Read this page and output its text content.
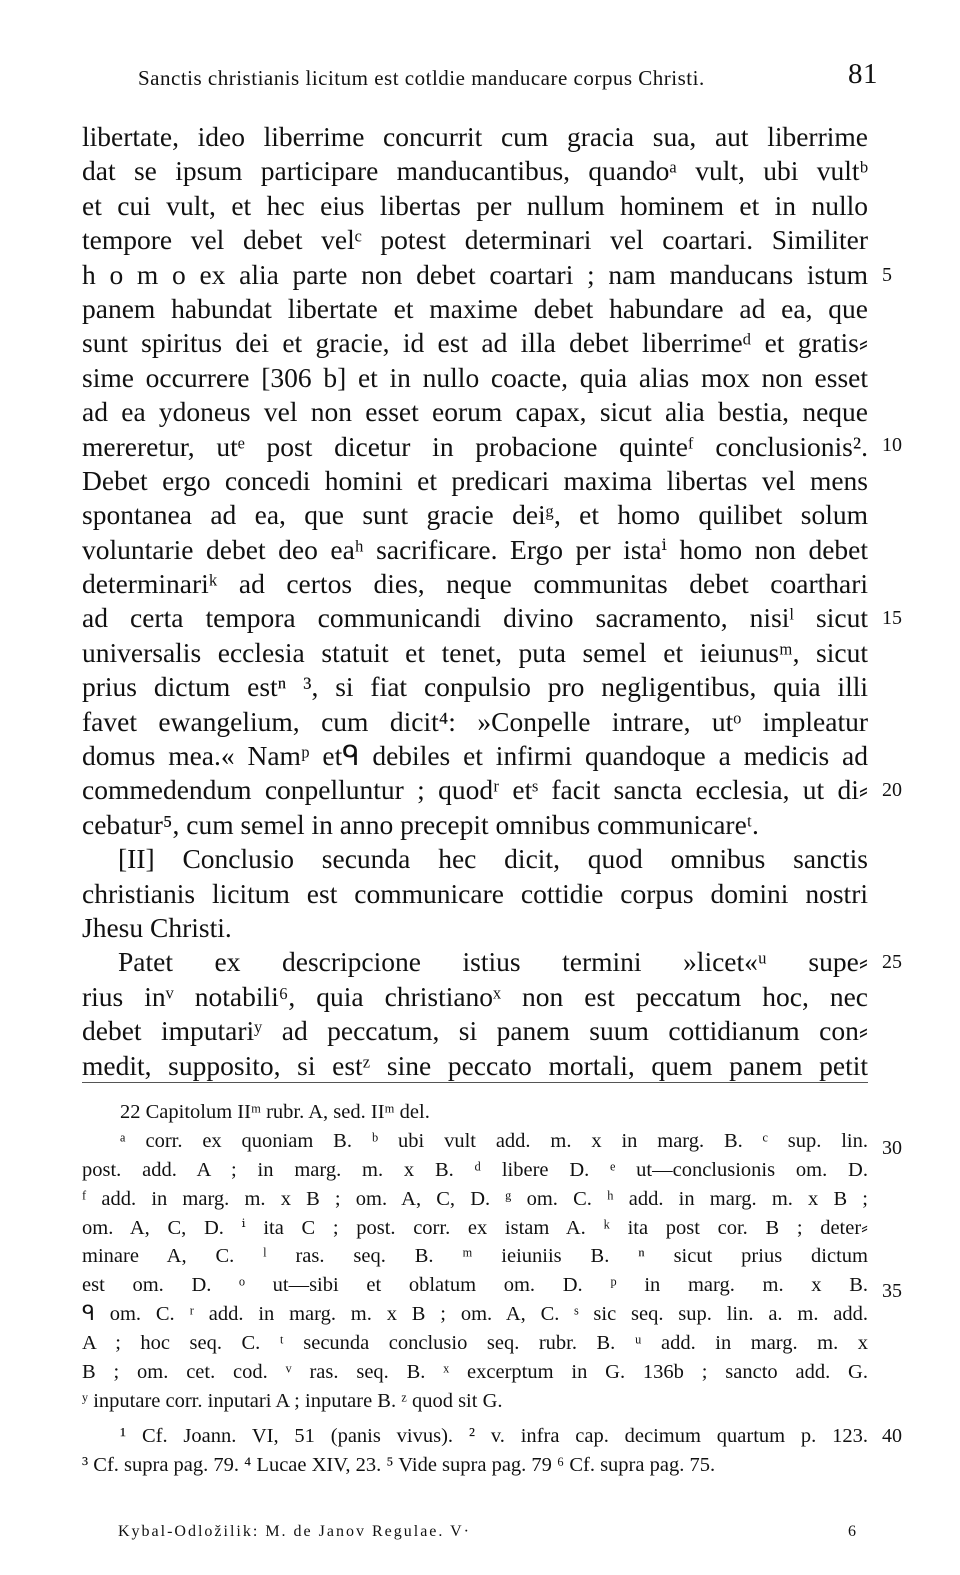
Sanctis christianis licitum est cotldie manducare corpus Christi.	81
libertate, ideo liberrime concurrit cum gracia sua, aut liberrime
dat se ipsum participare manducantibus, quandoᵃ vult, ubi vultᵇ
et cui vult, et hec eius libertas per nullum hominem et in nullo
tempore vel debet velᶜ potest determinari vel coartari. Similiter
h o m o ex alia parte non debet coartari ; nam manducans istum
panem habundat libertate et maxime debet habundare ad ea, que
sunt spiritus dei et gracie, id est ad illa debet liberrimeᵈ et gratis⸗
sime occurrere [306 b] et in nullo coacte, quia alias mox non esset
ad ea ydoneus vel non esset eorum capax, sicut alia bestia, neque
mereretur, utᵉ post dicetur in probacione quinteᶠ conclusionis².
Debet ergo concedi homini et predicari maxima libertas vel mens
spontanea ad ea, que sunt gracie deiᵍ, et homo quilibet solum
voluntarie debet deo eaʰ sacrificare. Ergo per istaⁱ homo non debet
determinariᵏ ad certos dies, neque communitas debet coarthari
ad certa tempora communicandi divino sacramento, nisiˡ sicut
universalis ecclesia statuit et tenet, puta semel et ieiunusᵐ, sicut
prius dictum estⁿ ³, si fiat conpulsio pro negligentibus, quia illi
favet ewangelium, cum dicit⁴: »Conpelle intrare, utᵒ impleatur
domus mea.« Namᵖ etᑫ debiles et infirmi quandoque a medicis ad
commedendum conpelluntur ; quodʳ etˢ facit sancta ecclesia, ut di⸗
cebatur⁵, cum semel in anno precepit omnibus communicareᵗ.
[II] Conclusio secunda hec dicit, quod omnibus sanctis
christianis licitum est communicare cottidie corpus domini nostri
Jhesu Christi.
Patet ex descripcione istius termini »licet«ᵘ supe⸗
rius inᵛ notabili⁶, quia christianoˣ non est peccatum hoc, nec
debet imputariʸ ad peccatum, si panem suum cottidianum con⸗
medit, supposito, si estᶻ sine peccato mortali, quem panem petit
22 Capitolum IIᵐ rubr. A, sed. IIᵐ del.
ᵃ corr. ex quoniam B. ᵇ ubi vult add. m. x in marg. B. ᶜ sup. lin.
post. add. A ; in marg. m. x B. ᵈ libere D. ᵉ ut—conclusionis om. D.
ᶠ add. in marg. m. x B ; om. A, C, D. ᵍ om. C. ʰ add. in marg. m. x B ;
om. A, C, D. ⁱ ita C ; post. corr. ex istam A. ᵏ ita post cor. B ; deter⸗
minare A, C. ˡ ras. seq. B. ᵐ ieiuniis B. ⁿ sicut prius dictum
est om. D. ᵒ ut—sibi et oblatum om. D. ᵖ in marg. m. x B.
ᑫ om. C. ʳ add. in marg. m. x B ; om. A, C. ˢ sic seq. sup. lin. a. m. add.
A ; hoc seq. C. ᵗ secunda conclusio seq. rubr. B. ᵘ add. in marg. m. x
B ; om. cet. cod. ᵛ ras. seq. B. ˣ excerptum in G. 136b ; sancto add. G.
ʸ inputare corr. inputari A ; inputare B. ᶻ quod sit G.
¹ Cf. Joann. VI, 51 (panis vivus). ² v. infra cap. decimum quartum p. 123.
³ Cf. supra pag. 79. ⁴ Lucae XIV, 23. ⁵ Vide supra pag. 79 ⁶ Cf. supra pag. 75.
5
10
15
20
25
30
35
40
Kybal-Odložilik: M. de Janov Regulae. V·	6
